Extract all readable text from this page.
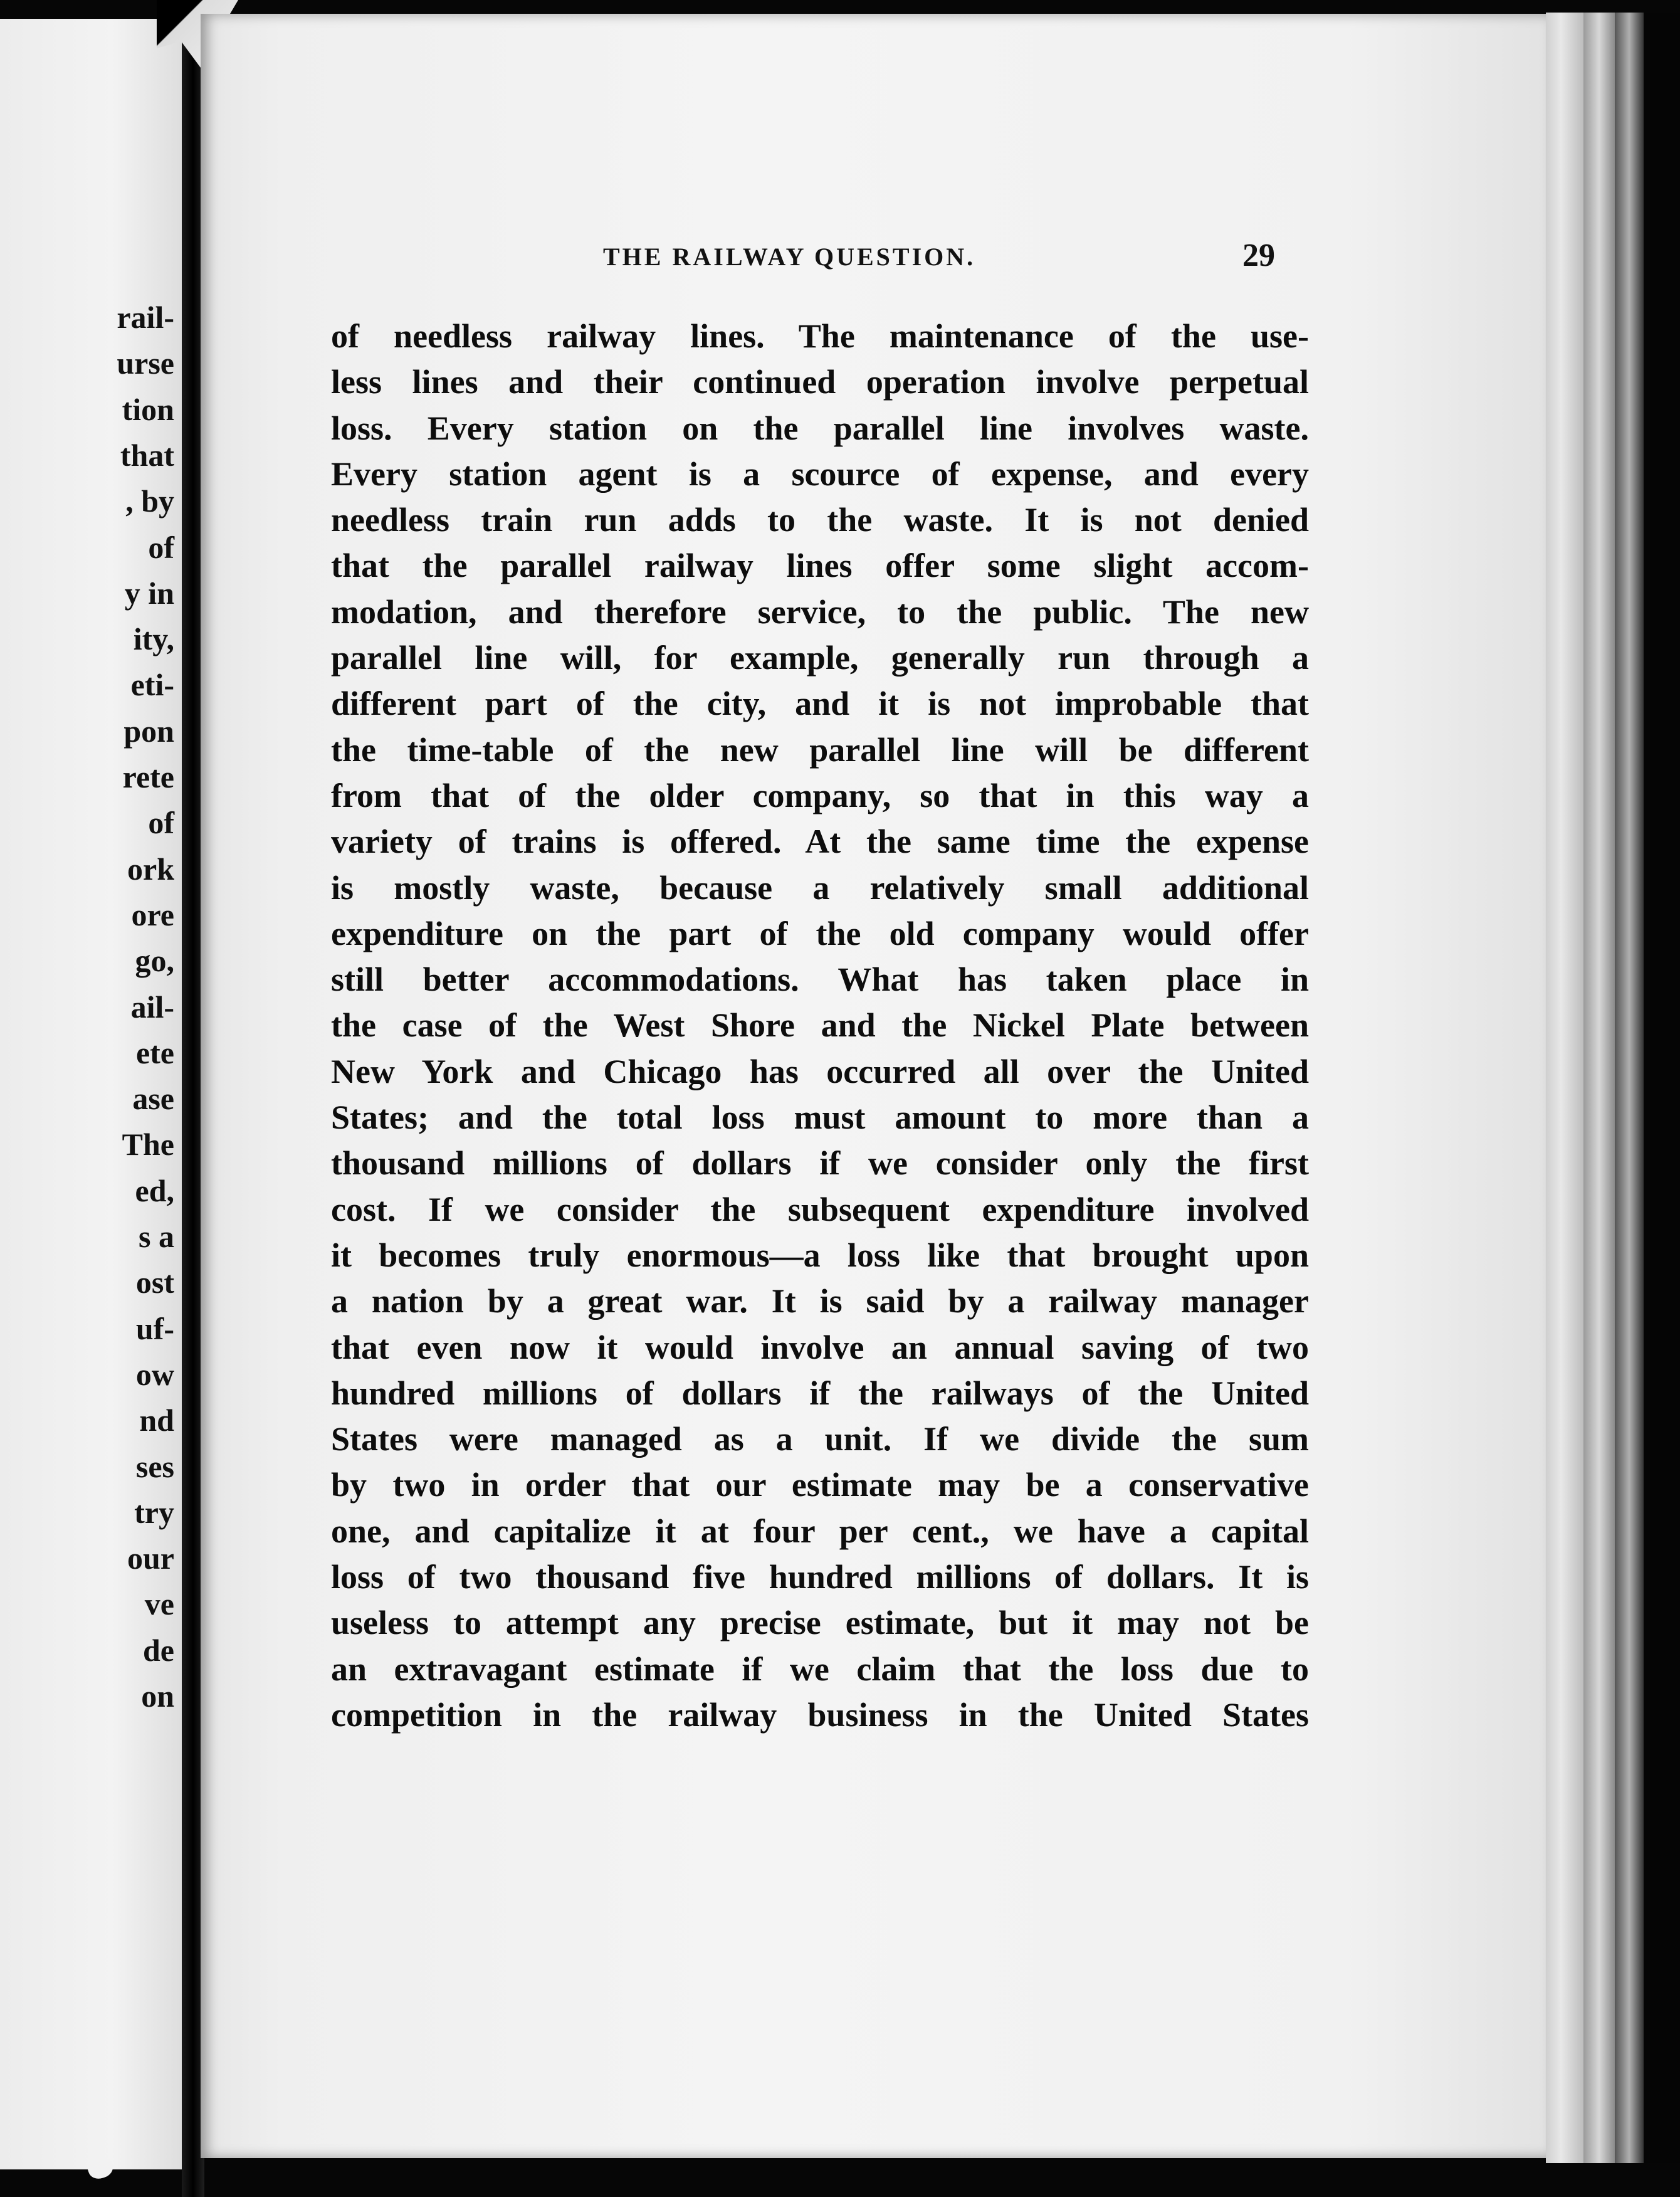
rail-
urse
tion
that
, by
of
y in
ity,
eti-
pon
rete
of
ork
ore
go,
ail-
ete
ase
The
ed,
s a
ost
uf-
ow
nd
ses
try
our
ve
de
on
THE RAILWAY QUESTION.	29
of needless railway lines. The maintenance of the use-
less lines and their continued operation involve perpetual
loss. Every station on the parallel line involves waste.
Every station agent is a scource of expense, and every
needless train run adds to the waste. It is not denied
that the parallel railway lines offer some slight accom-
modation, and therefore service, to the public. The new
parallel line will, for example, generally run through a
different part of the city, and it is not improbable that
the time-table of the new parallel line will be different
from that of the older company, so that in this way a
variety of trains is offered. At the same time the expense
is mostly waste, because a relatively small additional
expenditure on the part of the old company would offer
still better accommodations. What has taken place in
the case of the West Shore and the Nickel Plate between
New York and Chicago has occurred all over the United
States; and the total loss must amount to more than a
thousand millions of dollars if we consider only the first
cost. If we consider the subsequent expenditure involved
it becomes truly enormous—a loss like that brought upon
a nation by a great war. It is said by a railway manager
that even now it would involve an annual saving of two
hundred millions of dollars if the railways of the United
States were managed as a unit. If we divide the sum
by two in order that our estimate may be a conservative
one, and capitalize it at four per cent., we have a capital
loss of two thousand five hundred millions of dollars. It is
useless to attempt any precise estimate, but it may not be
an extravagant estimate if we claim that the loss due to
competition in the railway business in the United States
